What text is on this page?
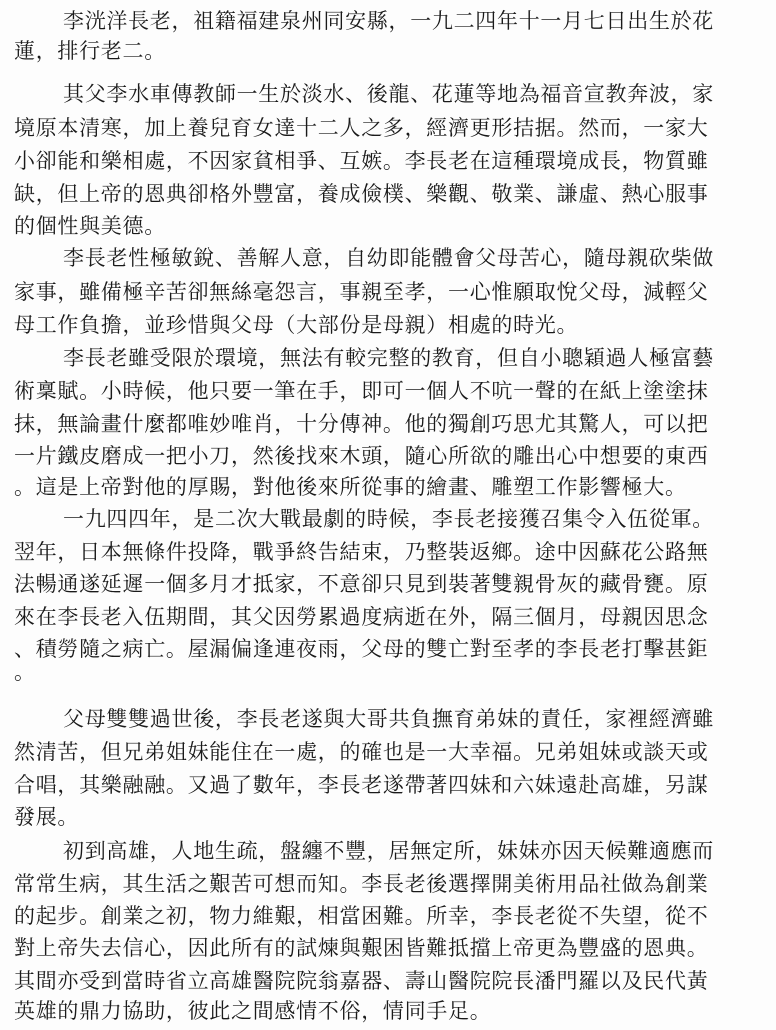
李洸洋長老，祖籍福建泉州同安縣，一九二四年十一月七日出生於花
蓮，排行老二。
其父李水車傳教師一生於淡水、後龍、花蓮等地為福音宣教奔波，家
境原本清寒，加上養兒育女達十二人之多，經濟更形拮据。然而，一家大
小卻能和樂相處，不因家貧相爭、互嫉。李長老在這種環境成長，物質雖
缺，但上帝的恩典卻格外豐富，養成儉樸、樂觀、敬業、謙虛、熱心服事
的個性與美德。
李長老性極敏銳、善解人意，自幼即能體會父母苦心，隨母親砍柴做
家事，雖備極辛苦卻無絲毫怨言，事親至孝，一心惟願取悅父母，減輕父
母工作負擔，並珍惜與父母（大部份是母親）相處的時光。
李長老雖受限於環境，無法有較完整的教育，但自小聰穎過人極富藝
術稟賦。小時候，他只要一筆在手，即可一個人不吭一聲的在紙上塗塗抹
抹，無論畫什麼都唯妙唯肖，十分傳神。他的獨創巧思尤其驚人，可以把
一片鐵皮磨成一把小刀，然後找來木頭，隨心所欲的雕出心中想要的東西
。這是上帝對他的厚賜，對他後來所從事的繪畫、雕塑工作影響極大。
一九四四年，是二次大戰最劇的時候，李長老接獲召集令入伍從軍。
翌年，日本無條件投降，戰爭終告結束，乃整裝返鄉。途中因蘇花公路無
法暢通遂延遲一個多月才抵家，不意卻只見到裝著雙親骨灰的藏骨甕。原
來在李長老入伍期間，其父因勞累過度病逝在外，隔三個月，母親因思念
、積勞隨之病亡。屋漏偏逢連夜雨，父母的雙亡對至孝的李長老打擊甚鉅
。
父母雙雙過世後，李長老遂與大哥共負撫育弟妹的責任，家裡經濟雖
然清苦，但兄弟姐妹能住在一處，的確也是一大幸福。兄弟姐妹或談天或
合唱，其樂融融。又過了數年，李長老遂帶著四妹和六妹遠赴高雄，另謀
發展。
初到高雄，人地生疏，盤纏不豐，居無定所，妹妹亦因天候難適應而
常常生病，其生活之艱苦可想而知。李長老後選擇開美術用品社做為創業
的起步。創業之初，物力維艱，相當困難。所幸，李長老從不失望，從不
對上帝失去信心，因此所有的試煉與艱困皆難抵擋上帝更為豐盛的恩典。
其間亦受到當時省立高雄醫院院翁嘉器、壽山醫院院長潘門羅以及民代黃
英雄的鼎力協助，彼此之間感情不俗，情同手足。
